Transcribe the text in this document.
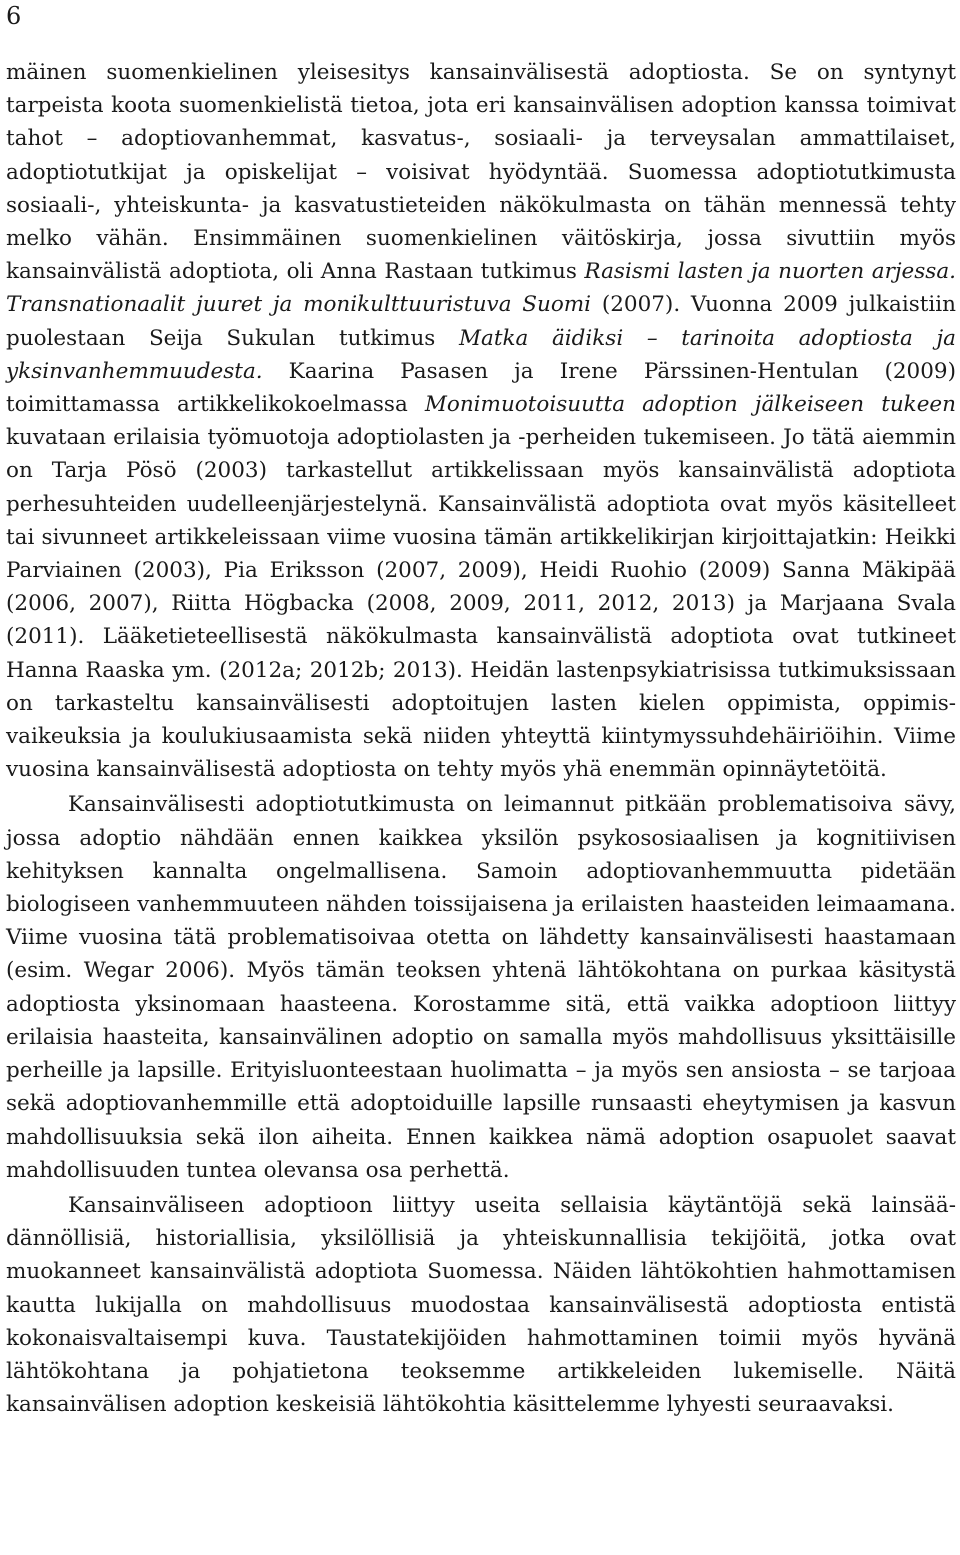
6

mäinen suomenkielinen yleisesitys kansainvälisestä adoptiosta. Se on syntynyt tarpeista koota suomenkielistä tietoa, jota eri kansainvälisen adoption kanssa toimivat tahot – adoptiovanhemmat, kasvatus-, sosiaali- ja terveysalan ammattilaiset, adoptiotutkijat ja opiskelijat – voisivat hyödyntää. Suomessa adoptiotutkimusta sosiaali-, yhteiskunta- ja kasvatustieteiden näkökulmasta on tähän mennessä tehty melko vähän. Ensimmäinen suomenkielinen väitöskirja, jossa sivuttiin myös kansainvälistä adoptiota, oli Anna Rastaan tutkimus Rasismi lasten ja nuorten arjessa. Transnationaalit juuret ja monikulttuuristuva Suomi (2007). Vuonna 2009 julkaistiin puolestaan Seija Sukulan tutkimus Matka äidiksi – tarinoita adoptiosta ja yksinvanhemmuudesta. Kaarina Pasasen ja Irene Pärssinen-Hentulan (2009) toimittamassa artikkelikokoelmassa Monimuotoisuutta adoption jälkeiseen tukeen kuvataan erilaisia työmuotoja adoptiolasten ja -perheiden tukemiseen. Jo tätä aiemmin on Tarja Pösö (2003) tarkastellut artikkelissaan myös kansainvälistä adoptiota perhesuhteiden uudelleenjärjestelynä. Kansainvälistä adoptiota ovat myös käsitelleet tai sivunneet artikkeleissaan viime vuosina tämän artikkelikirjan kirjoittajatkin: Heikki Parviainen (2003), Pia Eriksson (2007, 2009), Heidi Ruohio (2009) Sanna Mäkipää (2006, 2007), Riitta Högbacka (2008, 2009, 2011, 2012, 2013) ja Marjaana Svala (2011). Lääketieteellisestä näkökulmasta kansainvälistä adoptiota ovat tutkineet Hanna Raaska ym. (2012a; 2012b; 2013). Heidän lastenpsykiatrisissa tutkimuksissaan on tarkasteltu kansainvälisesti adoptoitujen lasten kielen oppimista, oppimisvaikeuksia ja koulukiusaamista sekä niiden yhteyttä kiintymyssuhdehäiriöihin. Viime vuosina kansainvälisestä adoptiosta on tehty myös yhä enemmän opinnäytetöitä.

Kansainvälisesti adoptiotutkimusta on leimannut pitkään problematisoiva sävy, jossa adoptio nähdään ennen kaikkea yksilön psykososiaalisen ja kognitiivisen kehityksen kannalta ongelmallisena. Samoin adoptiovanhemmuutta pidetään biologiseen vanhemmuuteen nähden toissijaisena ja erilaisten haasteiden leimaamana. Viime vuosina tätä problematisoivaa otetta on lähdetty kansainvälisesti haastamaan (esim. Wegar 2006). Myös tämän teoksen yhtenä lähtökohtana on purkaa käsitystä adoptiosta yksinomaan haasteena. Korostamme sitä, että vaikka adoptioon liittyy erilaisia haasteita, kansainvälinen adoptio on samalla myös mahdollisuus yksittäisille perheille ja lapsille. Erityisluonteestaan huolimatta – ja myös sen ansiosta – se tarjoaa sekä adoptiovanhemmille että adoptoiduille lapsille runsaasti eheytymisen ja kasvun mahdollisuuksia sekä ilon aiheita. Ennen kaikkea nämä adoption osapuolet saavat mahdollisuuden tuntea olevansa osa perhettä.

Kansainväliseen adoptioon liittyy useita sellaisia käytäntöjä sekä lainsäädännöllisiä, historiallisia, yksilöllisiä ja yhteiskunnallisia tekijöitä, jotka ovat muokanneet kansainvälistä adoptiota Suomessa. Näiden lähtökohtien hahmottamisen kautta lukijalla on mahdollisuus muodostaa kansainvälisestä adoptiosta entistä kokonaisvaltaisempi kuva. Taustatekijöiden hahmottaminen toimii myös hyvänä lähtökohtana ja pohjatietona teoksemme artikkeleiden lukemiselle. Näitä kansainvälisen adoption keskeisiä lähtökohtia käsittelemme lyhyesti seuraavaksi.
